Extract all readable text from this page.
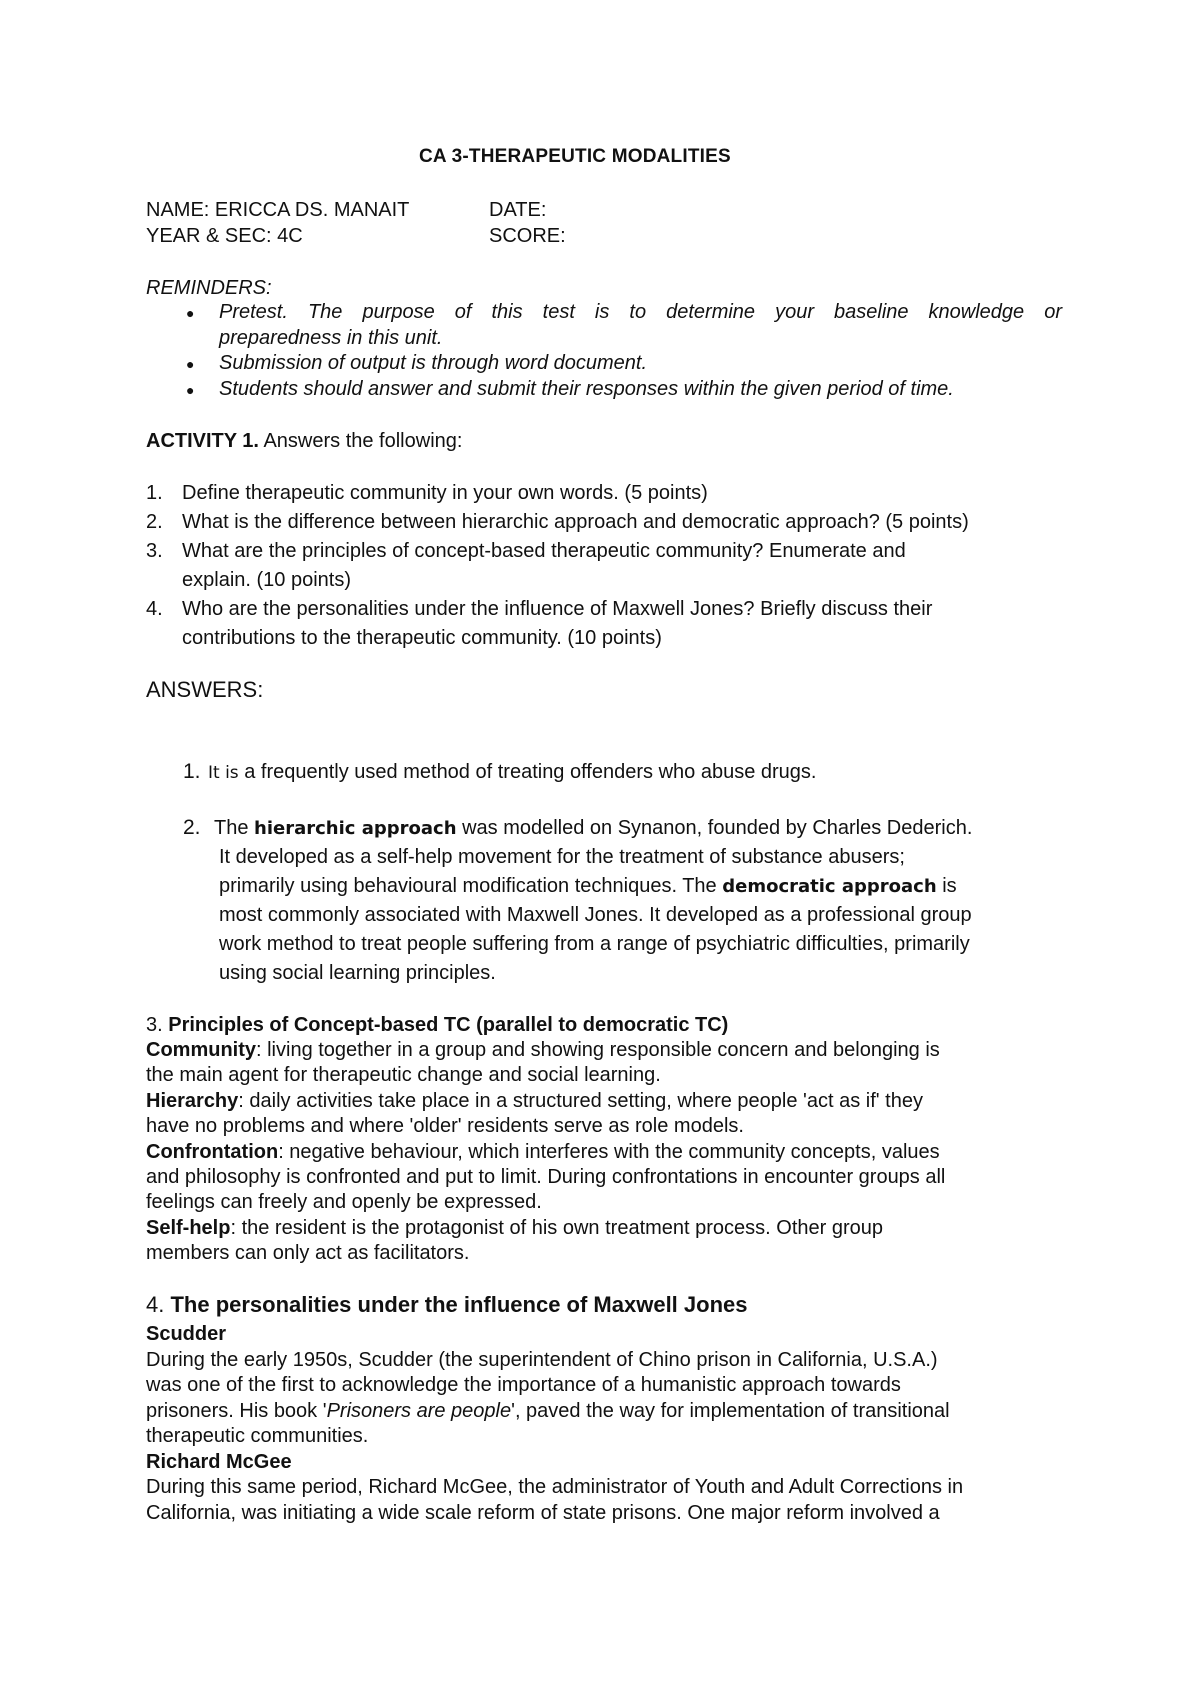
CA 3-THERAPEUTIC MODALITIES
NAME: ERICCA DS. MANAIT	DATE:
YEAR & SEC: 4C	SCORE:
REMINDERS:
● Pretest. The purpose of this test is to determine your baseline knowledge or
preparedness in this unit.
● Submission of output is through word document.
● Students should answer and submit their responses within the given period of time.
ACTIVITY 1. Answers the following:
1. Define therapeutic community in your own words. (5 points)
2. What is the difference between hierarchic approach and democratic approach? (5 points)
3. What are the principles of concept-based therapeutic community? Enumerate and
explain. (10 points)
4. Who are the personalities under the influence of Maxwell Jones? Briefly discuss their
contributions to the therapeutic community. (10 points)
ANSWERS:
1. It is a frequently used method of treating offenders who abuse drugs.
2. The hierarchic approach was modelled on Synanon, founded by Charles Dederich.
It developed as a self-help movement for the treatment of substance abusers;
primarily using behavioural modification techniques. The democratic approach is
most commonly associated with Maxwell Jones. It developed as a professional group
work method to treat people suffering from a range of psychiatric difficulties, primarily
using social learning principles.
3. Principles of Concept-based TC (parallel to democratic TC)
Community: living together in a group and showing responsible concern and belonging is
the main agent for therapeutic change and social learning.
Hierarchy: daily activities take place in a structured setting, where people 'act as if' they
have no problems and where 'older' residents serve as role models.
Confrontation: negative behaviour, which interferes with the community concepts, values
and philosophy is confronted and put to limit. During confrontations in encounter groups all
feelings can freely and openly be expressed.
Self-help: the resident is the protagonist of his own treatment process. Other group
members can only act as facilitators.
4. The personalities under the influence of Maxwell Jones
Scudder
During the early 1950s, Scudder (the superintendent of Chino prison in California, U.S.A.)
was one of the first to acknowledge the importance of a humanistic approach towards
prisoners. His book 'Prisoners are people', paved the way for implementation of transitional
therapeutic communities.
Richard McGee
During this same period, Richard McGee, the administrator of Youth and Adult Corrections in
California, was initiating a wide scale reform of state prisons. One major reform involved a
